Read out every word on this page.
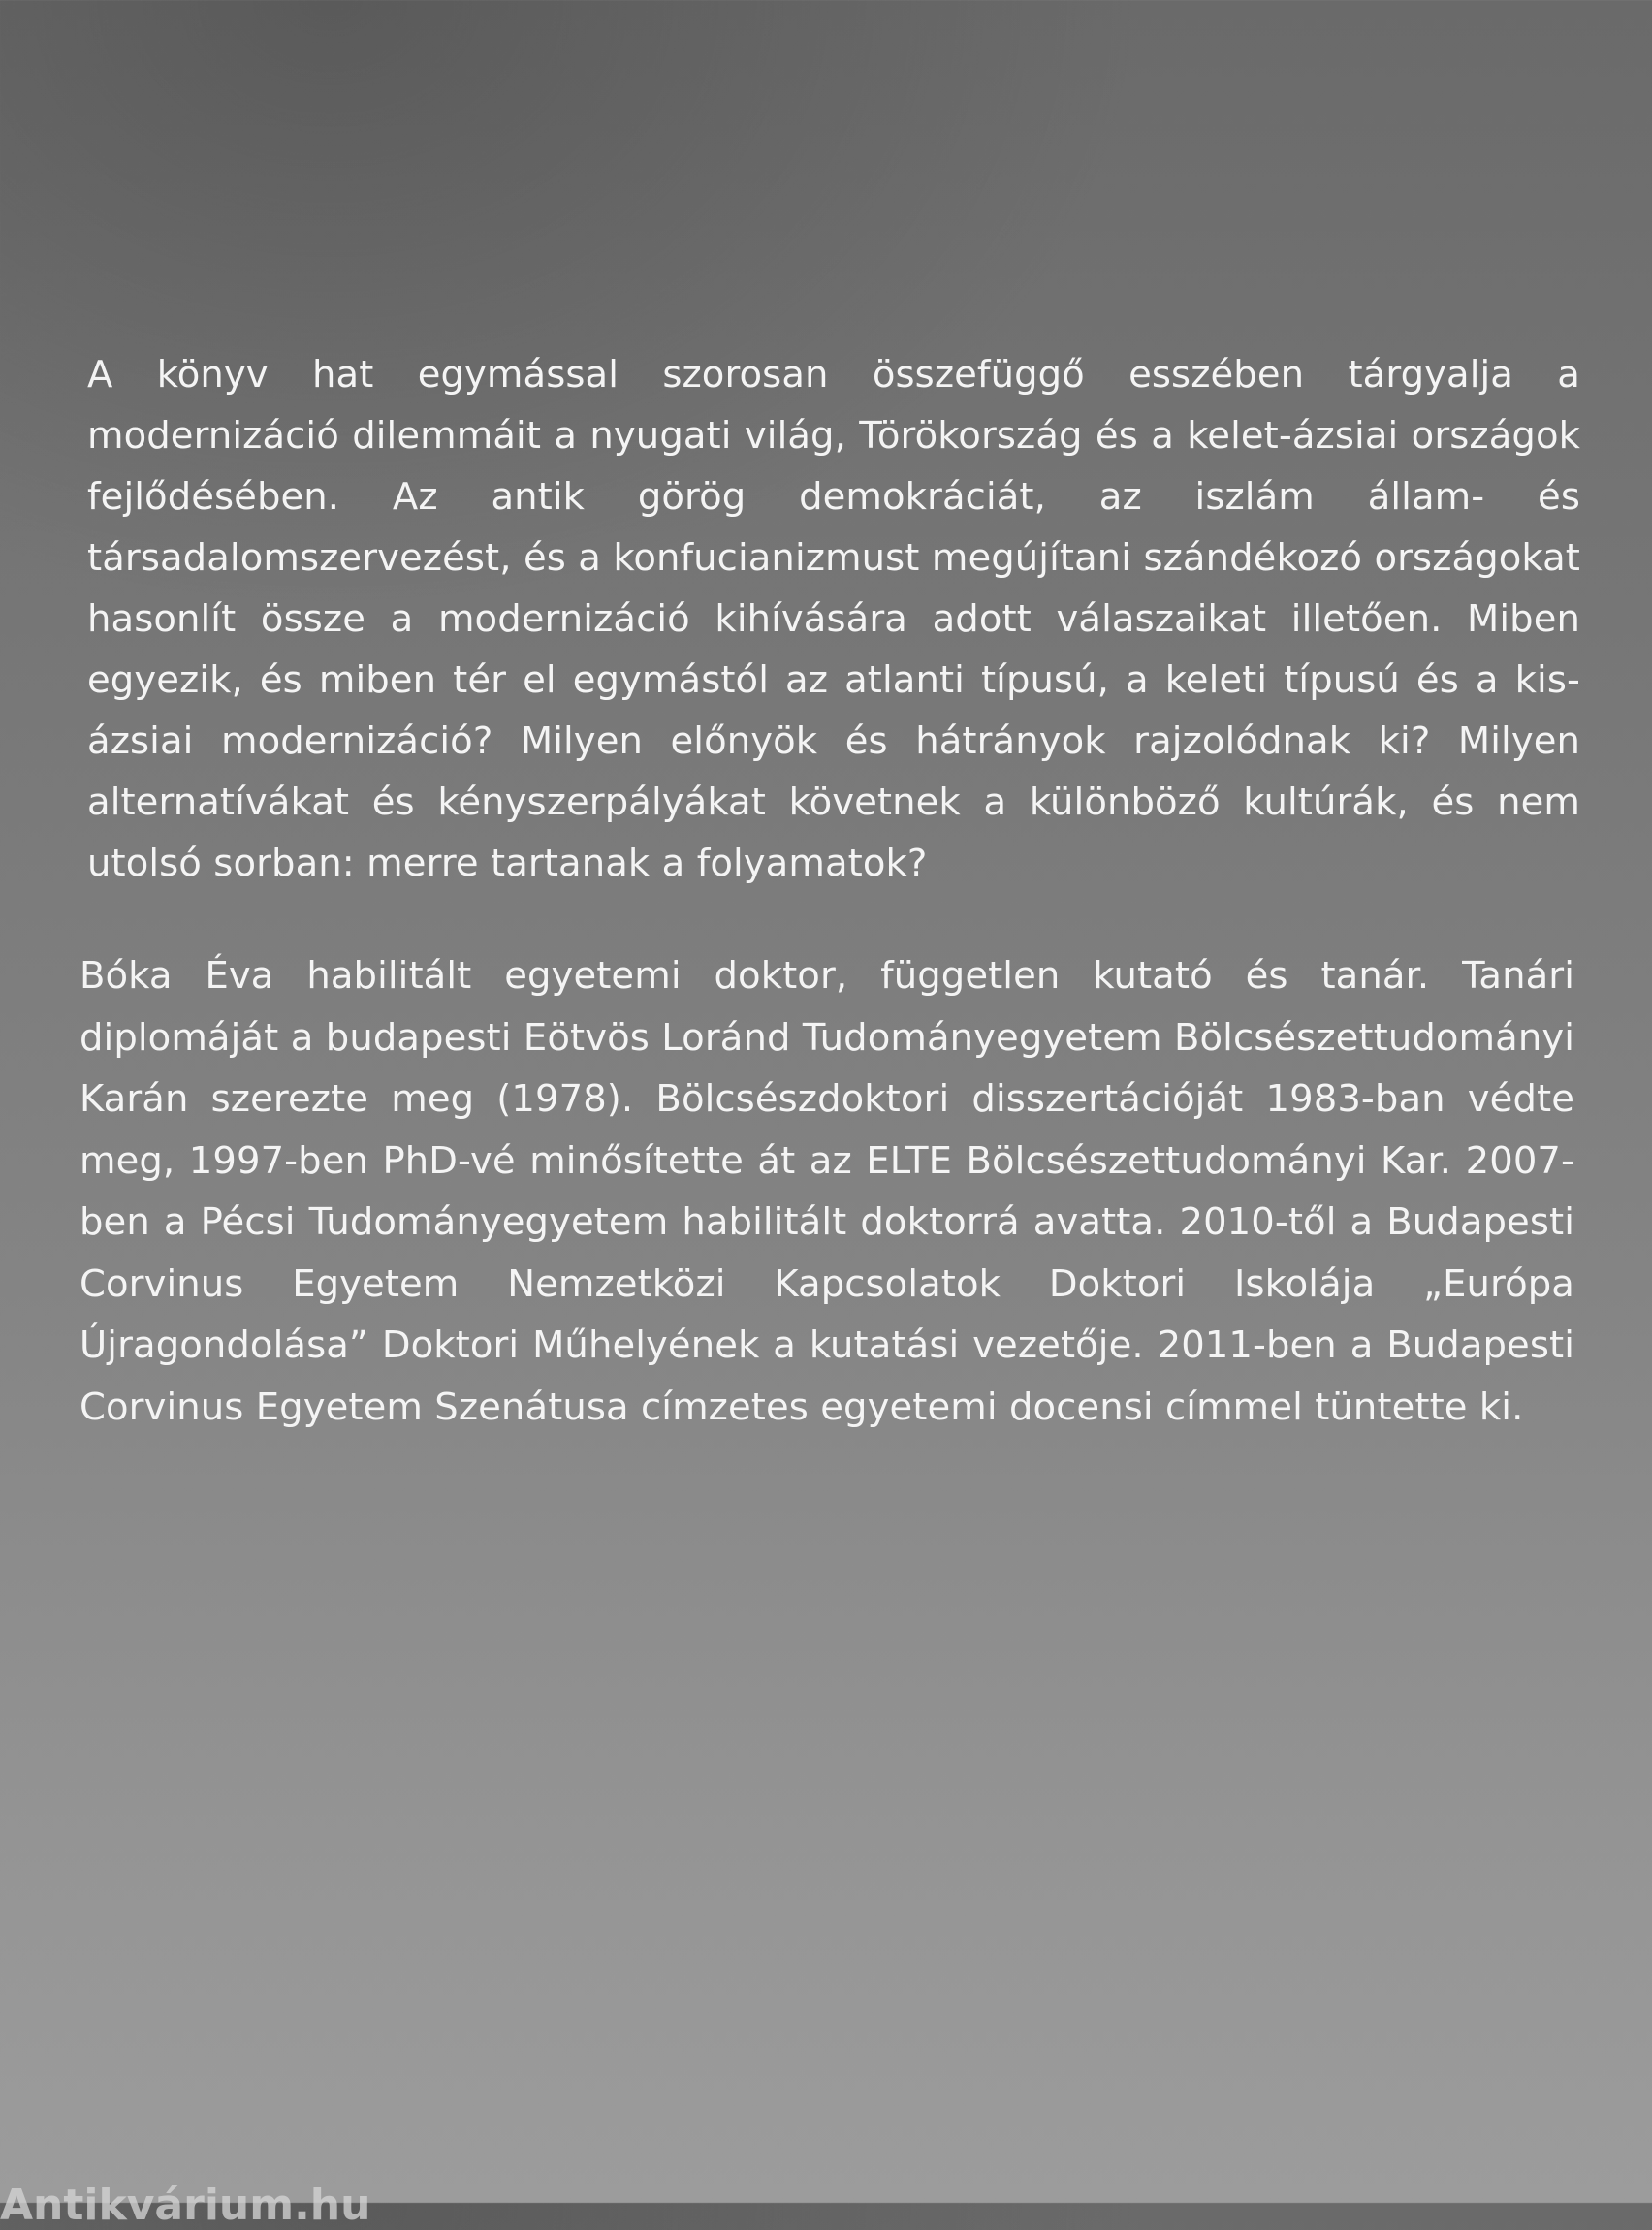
A könyv hat egymással szorosan összefüggő esszében tárgyalja a modernizáció dilemmáit a nyugati világ, Törökország és a kelet-ázsiai országok fejlődésében. Az antik görög demokráciát, az iszlám állam- és társadalomszervezést, és a konfucianizmust megújítani szándékozó országokat hasonlít össze a modernizáció kihívására adott válaszaikat illetően. Miben egyezik, és miben tér el egymástól az atlanti típusú, a keleti típusú és a kis-ázsiai modernizáció? Milyen előnyök és hátrányok rajzolódnak ki? Milyen alternatívákat és kényszerpályákat követnek a különböző kultúrák, és nem utolsó sorban: merre tartanak a folyamatok?

Bóka Éva habilitált egyetemi doktor, független kutató és tanár. Tanári diplomáját a budapesti Eötvös Loránd Tudományegyetem Bölcsészettudományi Karán szerezte meg (1978). Bölcsészdoktori disszertációját 1983-ban védte meg, 1997-ben PhD-vé minősítette át az ELTE Bölcsészettudományi Kar. 2007-ben a Pécsi Tudományegyetem habilitált doktorrá avatta. 2010-től a Budapesti Corvinus Egyetem Nemzetközi Kapcsolatok Doktori Iskolája „Európa Újragondolása” Doktori Műhelyének a kutatási vezetője. 2011-ben a Budapesti Corvinus Egyetem Szenátusa címzetes egyetemi docensi címmel tüntette ki.

Antikvárium.hu
